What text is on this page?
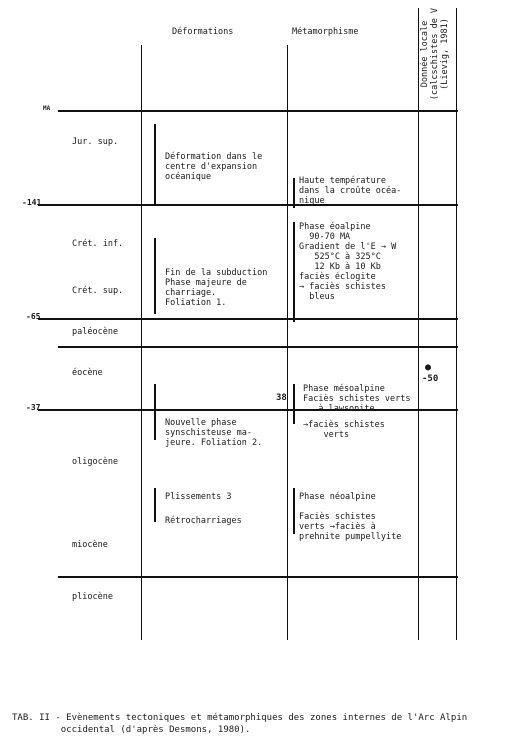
Déformations	Métamorphisme	Donnée locale (calcschistes de V (Lievig, 1981)
MA
-141
-65
-37
38
●
-50
Jur. sup.
Crét. inf.
Crét. sup.
paléocène
éocène
oligocène
miocène
pliocène
Déformation dans le
centre d'expansion
océanique
Fin de la subduction
Phase majeure de
charriage.
Foliation 1.
Nouvelle phase
synschisteuse ma-
jeure. Foliation 2.
Plissements 3
Rétrocharriages
Haute température
dans la croûte océa-
nique
Phase éoalpine
90-70 MA
Gradient de l'E → W
525°C à 325°C
12 Kb à 10 Kb
faciès éclogite
→ faciès schistes
bleus
Phase mésoalpine
Faciès schistes verts
à lawsonite
→faciès schistes
verts
Phase néoalpine
Faciès schistes
verts →faciès à
prehnite pumpellyite
TAB. II - Evènements tectoniques et métamorphiques des zones internes de l'Arc Alpin
occidental (d'après Desmons, 1980).
